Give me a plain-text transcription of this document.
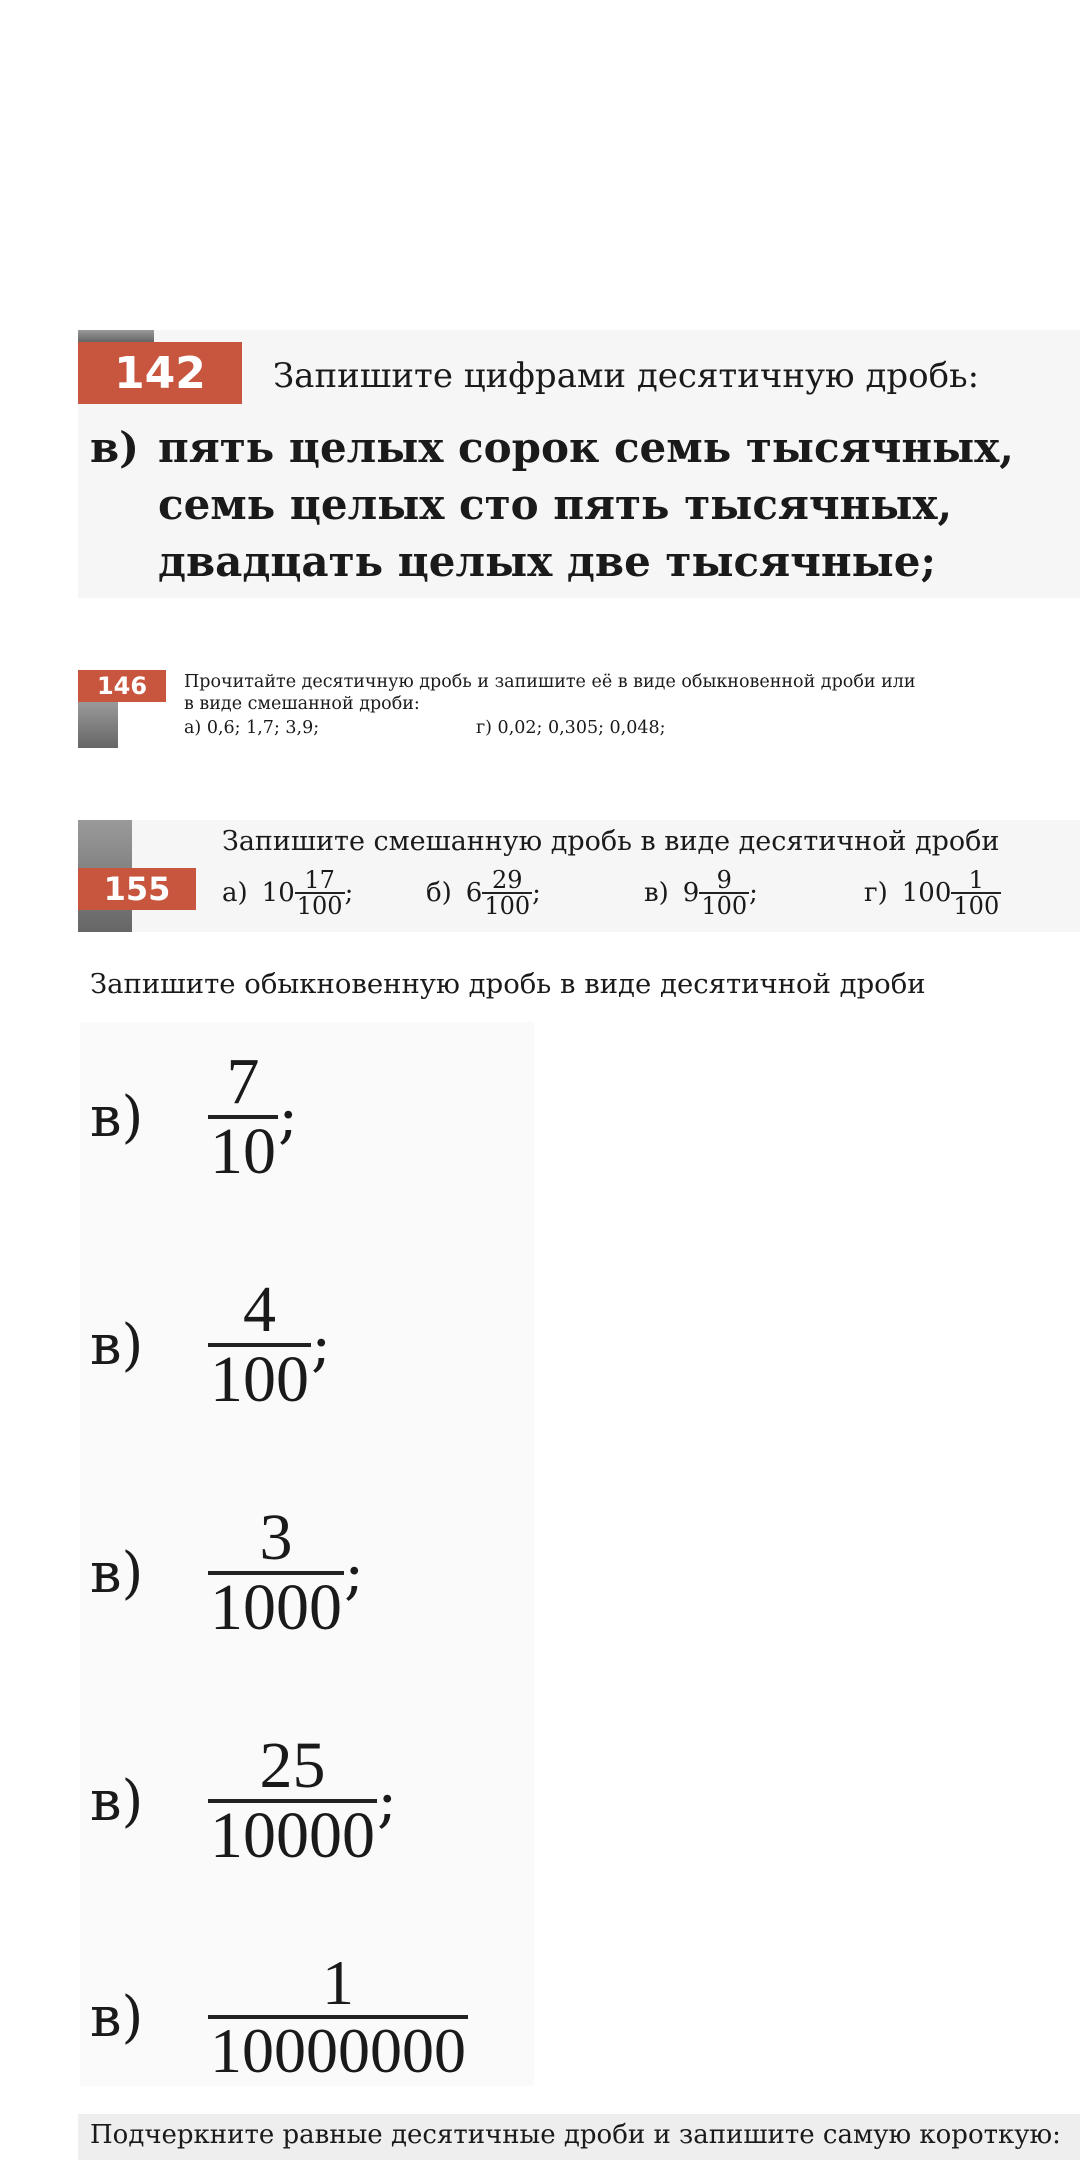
142	Запишите цифрами десятичную дробь:
в) пять целых сорок семь тысячных,
семь целых сто пять тысячных,
двадцать целых две тысячные;
146	Прочитайте десятичную дробь и запишите её в виде обыкновенной дроби или
в виде смешанной дроби:
а) 0,6; 1,7; 3,9;	г) 0,02; 0,305; 0,048;
155
Запишите смешанную дробь в виде десятичной дроби
а) $10 \frac{17}{100}$ ;	б) $6 \frac{29}{100}$ ;	в) $9 \frac{9}{100}$ ;	г) $100 \frac{1}{100}$
Запишите обыкновенную дробь в виде десятичной дроби
$в) \frac{7}{10}$ ;
$в) \frac{4}{100}$ ;
$в) \frac{3}{1000}$ ;
$в) \frac{25}{10000}$ ;
в)	$\frac{1}{10000000}$
Подчеркните равные десятичные дроби и запишите самую короткую:
